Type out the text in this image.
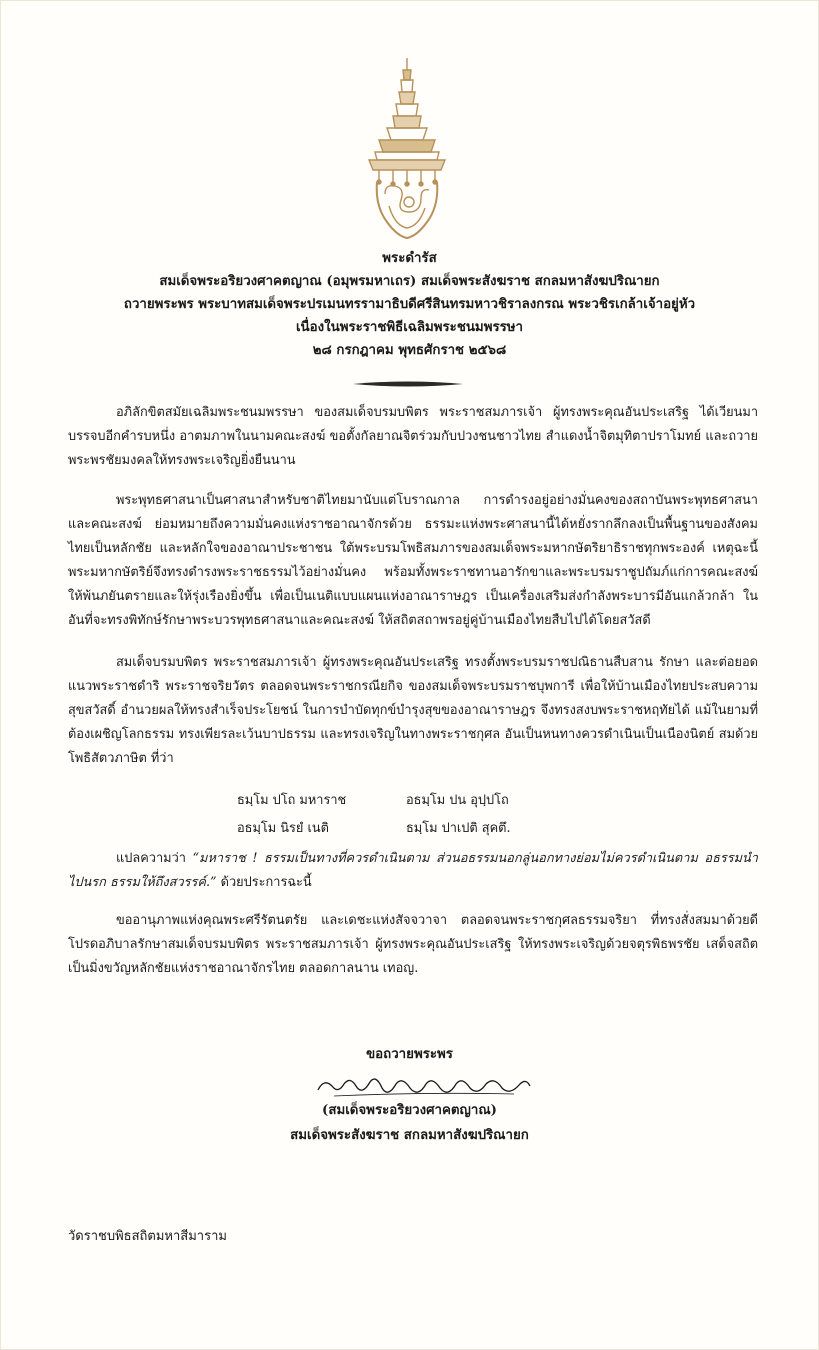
พระดำรัส
สมเด็จพระอริยวงศาคตญาณ (อมุพรมหาเถร) สมเด็จพระสังฆราช สกลมหาสังฆปริณายก
ถวายพระพร พระบาทสมเด็จพระปรเมนทรรามาธิบดีศรีสินทรมหาวชิราลงกรณ พระวชิรเกล้าเจ้าอยู่หัว
เนื่องในพระราชพิธีเฉลิมพระชนมพรรษา
๒๘ กรกฎาคม พุทธศักราช ๒๕๖๘

อภิลักขิตสมัยเฉลิมพระชนมพรรษา ของสมเด็จบรมบพิตร พระราชสมภารเจ้า ผู้ทรงพระคุณอันประเสริฐ ได้เวียนมาบรรจบอีกคำรบหนึ่ง อาตมภาพในนามคณะสงฆ์ ขอตั้งกัลยาณจิตร่วมกับปวงชนชาวไทย สำแดงน้ำจิตมุทิตาปราโมทย์ และถวายพระพรชัยมงคลให้ทรงพระเจริญยิ่งยืนนาน

พระพุทธศาสนาเป็นศาสนาสำหรับชาติไทยมานับแต่โบราณกาล การดำรงอยู่อย่างมั่นคงของสถาบันพระพุทธศาสนาและคณะสงฆ์ ย่อมหมายถึงความมั่นคงแห่งราชอาณาจักรด้วย ธรรมะแห่งพระศาสนานี้ได้หยั่งรากลึกลงเป็นพื้นฐานของสังคมไทยเป็นหลักชัย และหลักใจของอาณาประชาชน ใต้พระบรมโพธิสมภารของสมเด็จพระมหากษัตริยาธิราชทุกพระองค์ เหตุฉะนี้พระมหากษัตริย์จึงทรงดำรงพระราชธรรมไว้อย่างมั่นคง พร้อมทั้งพระราชทานอารักขาและพระบรมราชูปถัมภ์แก่การคณะสงฆ์ให้พ้นภยันตรายและให้รุ่งเรืองยิ่งขึ้น เพื่อเป็นเนติแบบแผนแห่งอาณาราษฎร เป็นเครื่องเสริมส่งกำลังพระบารมีอันแกล้วกล้า ในอันที่จะทรงพิทักษ์รักษาพระบวรพุทธศาสนาและคณะสงฆ์ ให้สถิตสถาพรอยู่คู่บ้านเมืองไทยสืบไปได้โดยสวัสดี

สมเด็จบรมบพิตร พระราชสมภารเจ้า ผู้ทรงพระคุณอันประเสริฐ ทรงตั้งพระบรมราชปณิธานสืบสาน รักษา และต่อยอดแนวพระราชดำริ พระราชจริยวัตร ตลอดจนพระราชกรณียกิจ ของสมเด็จพระบรมราชบุพการี เพื่อให้บ้านเมืองไทยประสบความสุขสวัสดิ์ อำนวยผลให้ทรงสำเร็จประโยชน์ ในการบำบัดทุกข์บำรุงสุขของอาณาราษฎร จึงทรงสงบพระราชหฤทัยได้ แม้ในยามที่ต้องเผชิญโลกธรรม ทรงเพียรละเว้นบาปธรรม และทรงเจริญในทางพระราชกุศล อันเป็นหนทางควรดำเนินเป็นเนืองนิตย์ สมด้วยโพธิสัตวภาษิต ที่ว่า

ธมฺโม ปโถ มหาราช	อธมฺโม ปน อุปฺปโถ
อธมฺโม นิรยํ เนติ	ธมฺโม ปาเปติ สุคตึ.

แปลความว่า “มหาราช ! ธรรมเป็นทางที่ควรดำเนินตาม ส่วนอธรรมนอกลู่นอกทางย่อมไม่ควรดำเนินตาม อธรรมนำไปนรก ธรรมให้ถึงสวรรค์.” ด้วยประการฉะนี้

ขออานุภาพแห่งคุณพระศรีรัตนตรัย และเดชะแห่งสัจจวาจา ตลอดจนพระราชกุศลธรรมจริยา ที่ทรงสั่งสมมาด้วยดีโปรดอภิบาลรักษาสมเด็จบรมบพิตร พระราชสมภารเจ้า ผู้ทรงพระคุณอันประเสริฐ ให้ทรงพระเจริญด้วยจตุรพิธพรชัย เสด็จสถิตเป็นมิ่งขวัญหลักชัยแห่งราชอาณาจักรไทย ตลอดกาลนาน เทอญ.

ขอถวายพระพร
(สมเด็จพระอริยวงศาคตญาณ)
สมเด็จพระสังฆราช สกลมหาสังฆปริณายก
วัดราชบพิธสถิตมหาสีมาราม
